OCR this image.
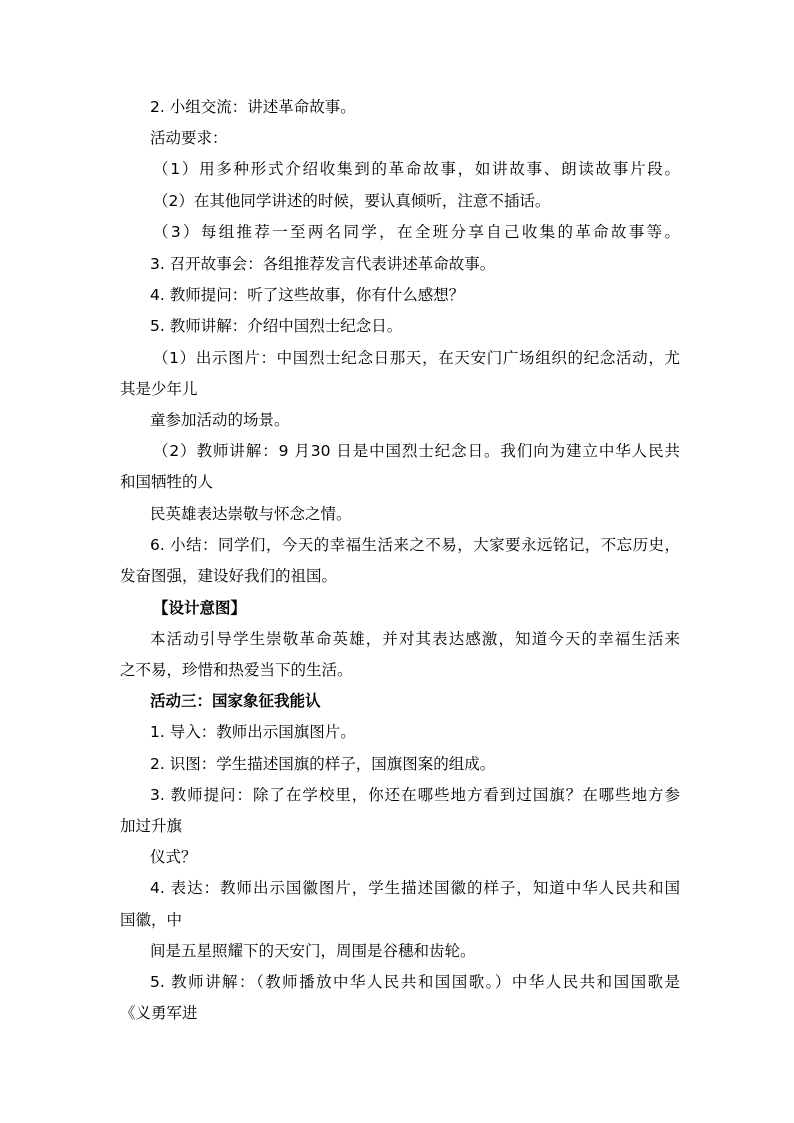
2. 小组交流：讲述革命故事。
活动要求：
（1）用多种形式介绍收集到的革命故事，如讲故事、朗读故事片段。
（2）在其他同学讲述的时候，要认真倾听，注意不插话。
（3）每组推荐一至两名同学，在全班分享自己收集的革命故事等。
3. 召开故事会：各组推荐发言代表讲述革命故事。
4. 教师提问：听了这些故事，你有什么感想？
5. 教师讲解：介绍中国烈士纪念日。
（1）出示图片：中国烈士纪念日那天，在天安门广场组织的纪念活动，尤
其是少年儿
童参加活动的场景。
（2）教师讲解：9 月30 日是中国烈士纪念日。我们向为建立中华人民共
和国牺牲的人
民英雄表达崇敬与怀念之情。
6. 小结：同学们，今天的幸福生活来之不易，大家要永远铭记，不忘历史，
发奋图强，建设好我们的祖国。
【设计意图】
本活动引导学生崇敬革命英雄，并对其表达感激，知道今天的幸福生活来
之不易，珍惜和热爱当下的生活。
活动三：国家象征我能认
1. 导入：教师出示国旗图片。
2. 识图：学生描述国旗的样子，国旗图案的组成。
3. 教师提问：除了在学校里，你还在哪些地方看到过国旗？在哪些地方参
加过升旗
仪式？
4. 表达：教师出示国徽图片，学生描述国徽的样子，知道中华人民共和国
国徽，中
间是五星照耀下的天安门，周围是谷穗和齿轮。
5. 教师讲解：（教师播放中华人民共和国国歌。）中华人民共和国国歌是
《义勇军进
